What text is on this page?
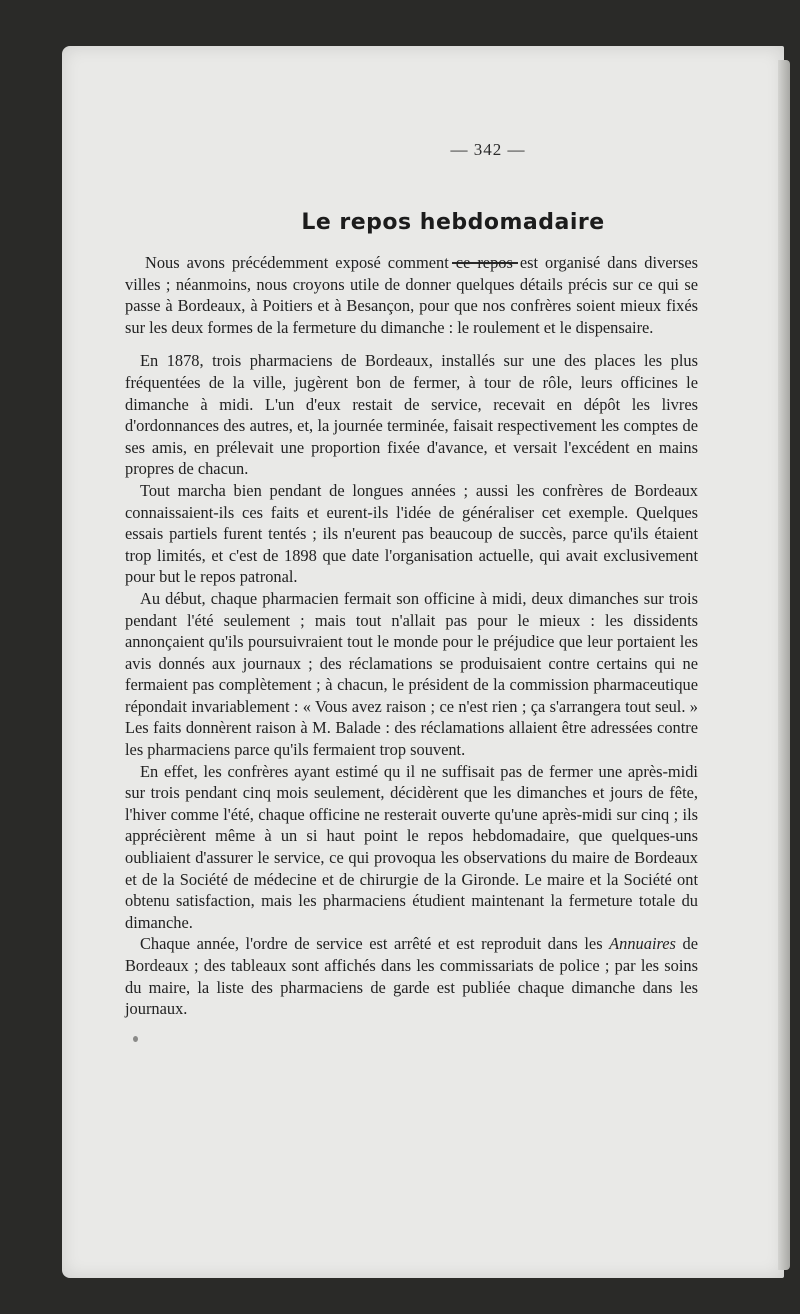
— 342 —
Le repos hebdomadaire

Nous avons précédemment exposé comment ce repos est organisé dans diverses villes ; néanmoins, nous croyons utile de donner quelques détails précis sur ce qui se passe à Bordeaux, à Poitiers et à Besançon, pour que nos confrères soient mieux fixés sur les deux formes de la fermeture du dimanche : le roulement et le dispensaire.

En 1878, trois pharmaciens de Bordeaux, installés sur une des places les plus fréquentées de la ville, jugèrent bon de fermer, à tour de rôle, leurs officines le dimanche à midi. L'un d'eux restait de service, recevait en dépôt les livres d'ordonnances des autres, et, la journée terminée, faisait respectivement les comptes de ses amis, en prélevait une proportion fixée d'avance, et versait l'excédent en mains propres de chacun.

Tout marcha bien pendant de longues années ; aussi les confrères de Bordeaux connaissaient-ils ces faits et eurent-ils l'idée de généraliser cet exemple. Quelques essais partiels furent tentés ; ils n'eurent pas beaucoup de succès, parce qu'ils étaient trop limités, et c'est de 1898 que date l'organisation actuelle, qui avait exclusivement pour but le repos patronal.

Au début, chaque pharmacien fermait son officine à midi, deux dimanches sur trois pendant l'été seulement ; mais tout n'allait pas pour le mieux : les dissidents annonçaient qu'ils poursuivraient tout le monde pour le préjudice que leur portaient les avis donnés aux journaux ; des réclamations se produisaient contre certains qui ne fermaient pas complètement ; à chacun, le président de la commission pharmaceutique répondait invariablement : « Vous avez raison ; ce n'est rien ; ça s'arrangera tout seul. » Les faits donnèrent raison à M. Balade : des réclamations allaient être adressées contre les pharmaciens parce qu'ils fermaient trop souvent.

En effet, les confrères ayant estimé qu il ne suffisait pas de fermer une après-midi sur trois pendant cinq mois seulement, décidèrent que les dimanches et jours de fête, l'hiver comme l'été, chaque officine ne resterait ouverte qu'une après-midi sur cinq ; ils apprécièrent même à un si haut point le repos hebdomadaire, que quelques-uns oubliaient d'assurer le service, ce qui provoqua les observations du maire de Bordeaux et de la Société de médecine et de chirurgie de la Gironde. Le maire et la Société ont obtenu satisfaction, mais les pharmaciens étudient maintenant la fermeture totale du dimanche.

Chaque année, l'ordre de service est arrêté et est reproduit dans les Annuaires de Bordeaux ; des tableaux sont affichés dans les commissariats de police ; par les soins du maire, la liste des pharmaciens de garde est publiée chaque dimanche dans les journaux.
